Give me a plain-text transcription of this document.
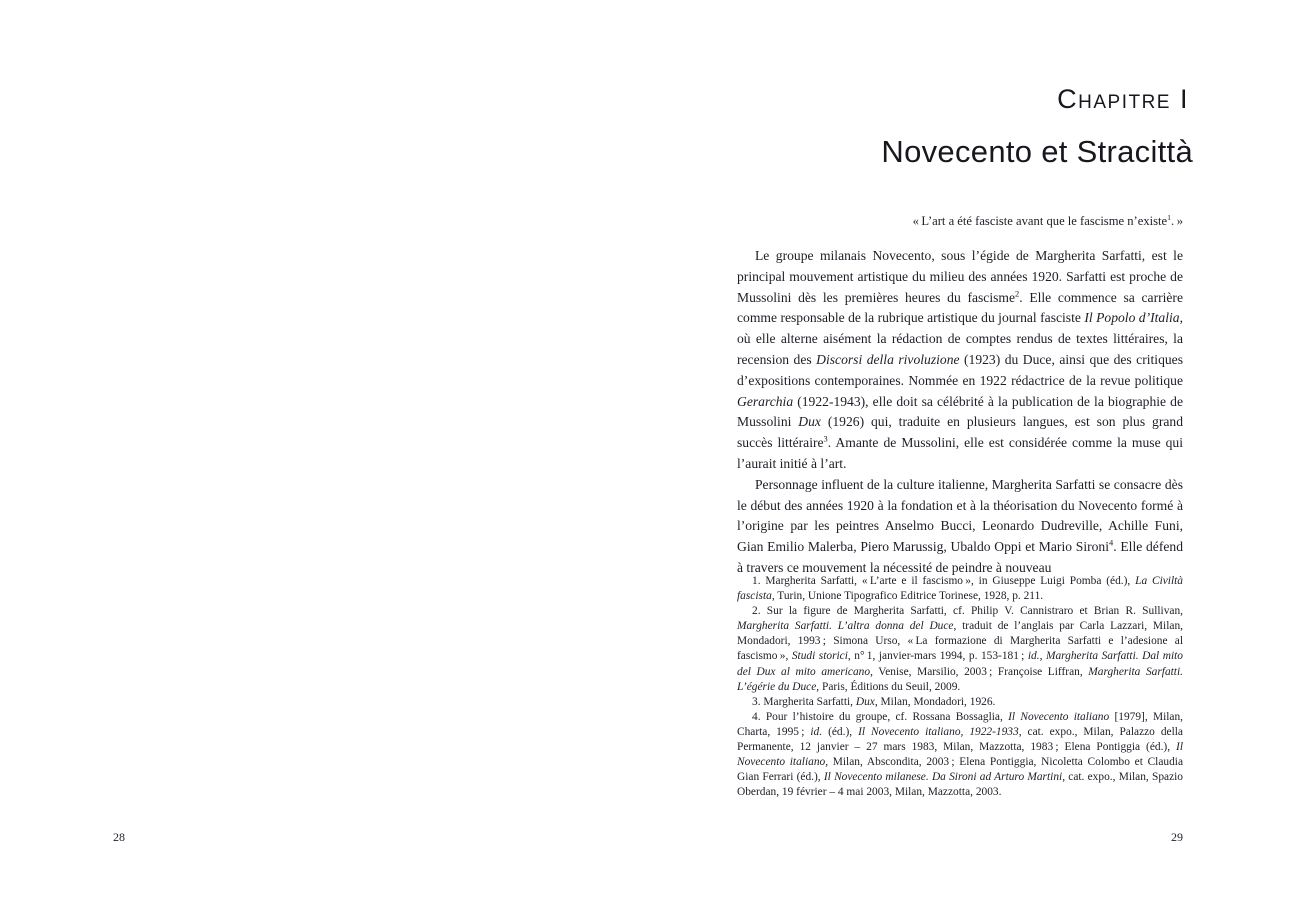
28
Chapitre I
Novecento et Stracittà
« L’art a été fasciste avant que le fascisme n’existe$^1$. »

Le groupe milanais Novecento, sous l’égide de Margherita Sarfatti, est le principal mouvement artistique du milieu des années 1920. Sarfatti est proche de Mussolini dès les premières heures du fascisme$^2$. Elle commence sa carrière comme responsable de la rubrique artistique du journal fasciste Il Popolo d’Italia, où elle alterne aisément la rédaction de comptes rendus de textes littéraires, la recension des Discorsi della rivoluzione (1923) du Duce, ainsi que des critiques d’expositions contemporaines. Nommée en 1922 rédactrice de la revue politique Gerarchia (1922-1943), elle doit sa célébrité à la publication de la biographie de Mussolini Dux (1926) qui, traduite en plusieurs langues, est son plus grand succès littéraire$^3$. Amante de Mussolini, elle est considérée comme la muse qui l’aurait initié à l’art.

Personnage influent de la culture italienne, Margherita Sarfatti se consacre dès le début des années 1920 à la fondation et à la théorisation du Novecento formé à l’origine par les peintres Anselmo Bucci, Leonardo Dudreville, Achille Funi, Gian Emilio Malerba, Piero Marussig, Ubaldo Oppi et Mario Sironi$^4$. Elle défend à travers ce mouvement la nécessité de peindre à nouveau

1. Margherita Sarfatti, « L’arte e il fascismo », in Giuseppe Luigi Pomba (éd.), La Civiltà fascista, Turin, Unione Tipografico Editrice Torinese, 1928, p. 211.

2. Sur la figure de Margherita Sarfatti, cf. Philip V. Cannistraro et Brian R. Sullivan, Margherita Sarfatti. L’altra donna del Duce, traduit de l’anglais par Carla Lazzari, Milan, Mondadori, 1993 ; Simona Urso, « La formazione di Margherita Sarfatti e l’adesione al fascismo », Studi storici, n° 1, janvier-mars 1994, p. 153-181 ; id., Margherita Sarfatti. Dal mito del Dux al mito americano, Venise, Marsilio, 2003 ; Françoise Liffran, Margherita Sarfatti. L’égérie du Duce, Paris, Éditions du Seuil, 2009.

3. Margherita Sarfatti, Dux, Milan, Mondadori, 1926.

4. Pour l’histoire du groupe, cf. Rossana Bossaglia, Il Novecento italiano [1979], Milan, Charta, 1995 ; id. (éd.), Il Novecento italiano, 1922-1933, cat. expo., Milan, Palazzo della Permanente, 12 janvier – 27 mars 1983, Milan, Mazzotta, 1983 ; Elena Pontiggia (éd.), Il Novecento italiano, Milan, Abscondita, 2003 ; Elena Pontiggia, Nicoletta Colombo et Claudia Gian Ferrari (éd.), Il Novecento milanese. Da Sironi ad Arturo Martini, cat. expo., Milan, Spazio Oberdan, 19 février – 4 mai 2003, Milan, Mazzotta, 2003.

29
